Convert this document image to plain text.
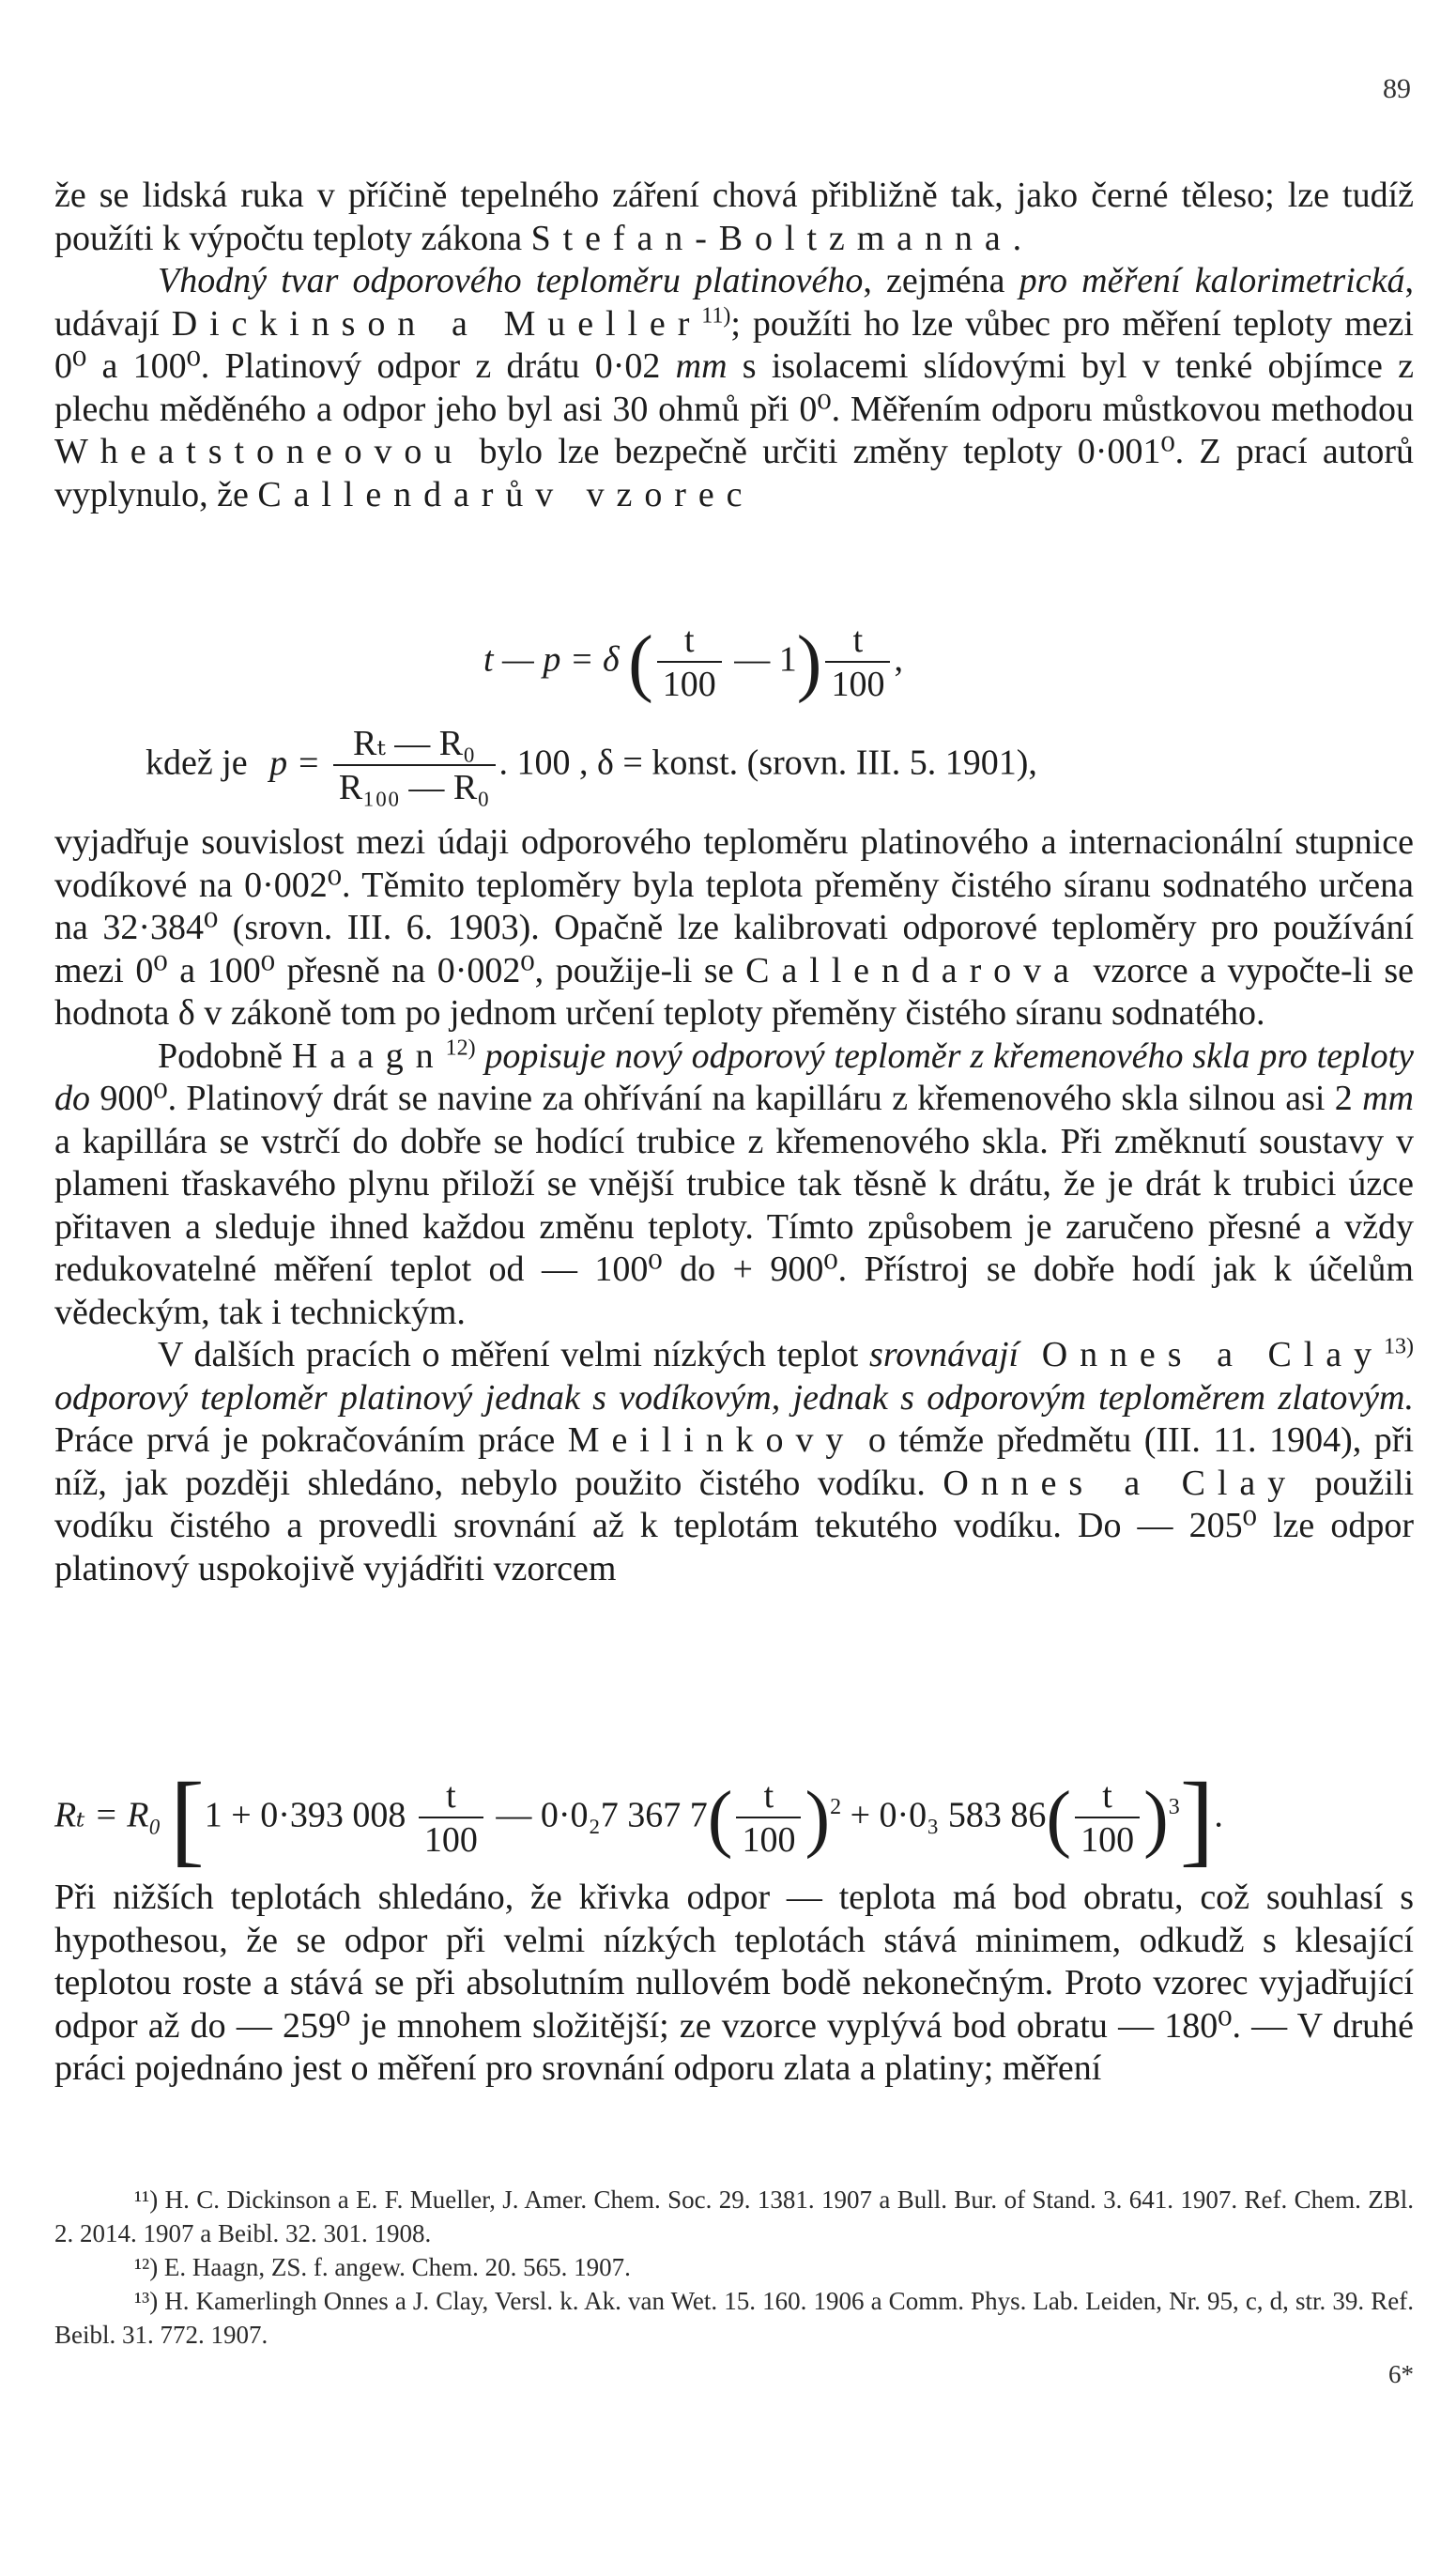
89
že se lidská ruka v příčině tepelného záření chová přibližně tak, jako černé těleso; lze tudíž použíti k výpočtu teploty zákona Stefan-Boltzmanna.
Vhodný tvar odporového teploměru platinového, zejména pro měření kalorimetrická, udávají Dickinson a Mueller$^{11)}$; použíti ho lze vůbec pro měření teploty mezi 0⁰ a 100⁰. Platinový odpor z drátu 0·02 mm s isolacemi slídovými byl v tenké objímce z plechu měděného a odpor jeho byl asi 30 ohmů při 0⁰. Měřením odporu můstkovou methodou Wheatstoneovou bylo lze bezpečně určiti změny teploty 0·001⁰. Z prací autorů vyplynulo, že Callendarův vzorec
t — p = δ ( $\frac{t}{100}$ — $1) \frac{t}{100}$ ,
kdež je $p = \frac{\text{Rₜ — R₀}}{\text{R₁₀₀ — R₀}}$ . 100 , δ = konst. (srovn. III. 5. 1901),
vyjadřuje souvislost mezi údaji odporového teploměru platinového a internacionální stupnice vodíkové na 0·002⁰. Těmito teploměry byla teplota přeměny čistého síranu sodnatého určena na 32·384⁰ (srovn. III. 6. 1903). Opačně lze kalibrovati odporové teploměry pro používání mezi 0⁰ a 100⁰ přesně na 0·002⁰, použije-li se Callendarova vzorce a vypočte-li se hodnota δ v zákoně tom po jednom určení teploty přeměny čistého síranu sodnatého.
Podobně Haagn$^{12)}$ popisuje nový odporový teploměr z křemenového skla pro teploty do 900⁰. Platinový drát se navine za ohřívání na kapilláru z křemenového skla silnou asi 2 mm a kapillára se vstrčí do dobře se hodící trubice z křemenového skla. Při změknutí soustavy v plameni třaskavého plynu přiloží se vnější trubice tak těsně k drátu, že je drát k trubici úzce přitaven a sleduje ihned každou změnu teploty. Tímto způsobem je zaručeno přesné a vždy redukovatelné měření teplot od — 100⁰ do + 900⁰. Přístroj se dobře hodí jak k účelům vědeckým, tak i technickým.
V dalších pracích o měření velmi nízkých teplot srovnávají Onnes a Clay$^{13)}$ odporový teploměr platinový jednak s vodíkovým, jednak s odporovým teploměrem zlatovým. Práce prvá je pokračováním práce Meilinkovy o témže předmětu (III. 11. 1904), při níž, jak později shledáno, nebylo použito čistého vodíku. Onnes a Clay použili vodíku čistého a provedli srovnání až k teplotám tekutého vodíku. Do — 205⁰ lze odpor platinový uspokojivě vyjádřiti vzorcem
Rₜ = R₀ [1 + 0·393 $008 \frac{t}{100}$ — 0·0₂7 367 $7( \frac{t}{100} )^2 + 0\cdot 0_3$ 583 $86( \frac{t}{100} )^3$].
Při nižších teplotách shledáno, že křivka odpor — teplota má bod obratu, což souhlasí s hypothesou, že se odpor při velmi nízkých teplotách stává minimem, odkudž s klesající teplotou roste a stává se při absolutním nullovém bodě nekonečným. Proto vzorec vyjadřující odpor až do — 259⁰ je mnohem složitější; ze vzorce vyplývá bod obratu — 180⁰. — V druhé práci pojednáno jest o měření pro srovnání odporu zlata a platiny; měření

¹¹) H. C. Dickinson a E. F. Mueller, J. Amer. Chem. Soc. 29. 1381. 1907 a Bull. Bur. of Stand. 3. 641. 1907. Ref. Chem. ZBl. 2. 2014. 1907 a Beibl. 32. 301. 1908.

¹²) E. Haagn, ZS. f. angew. Chem. 20. 565. 1907.

¹³) H. Kamerlingh Onnes a J. Clay, Versl. k. Ak. van Wet. 15. 160. 1906 a Comm. Phys. Lab. Leiden, Nr. 95, c, d, str. 39. Ref. Beibl. 31. 772. 1907.

6*
